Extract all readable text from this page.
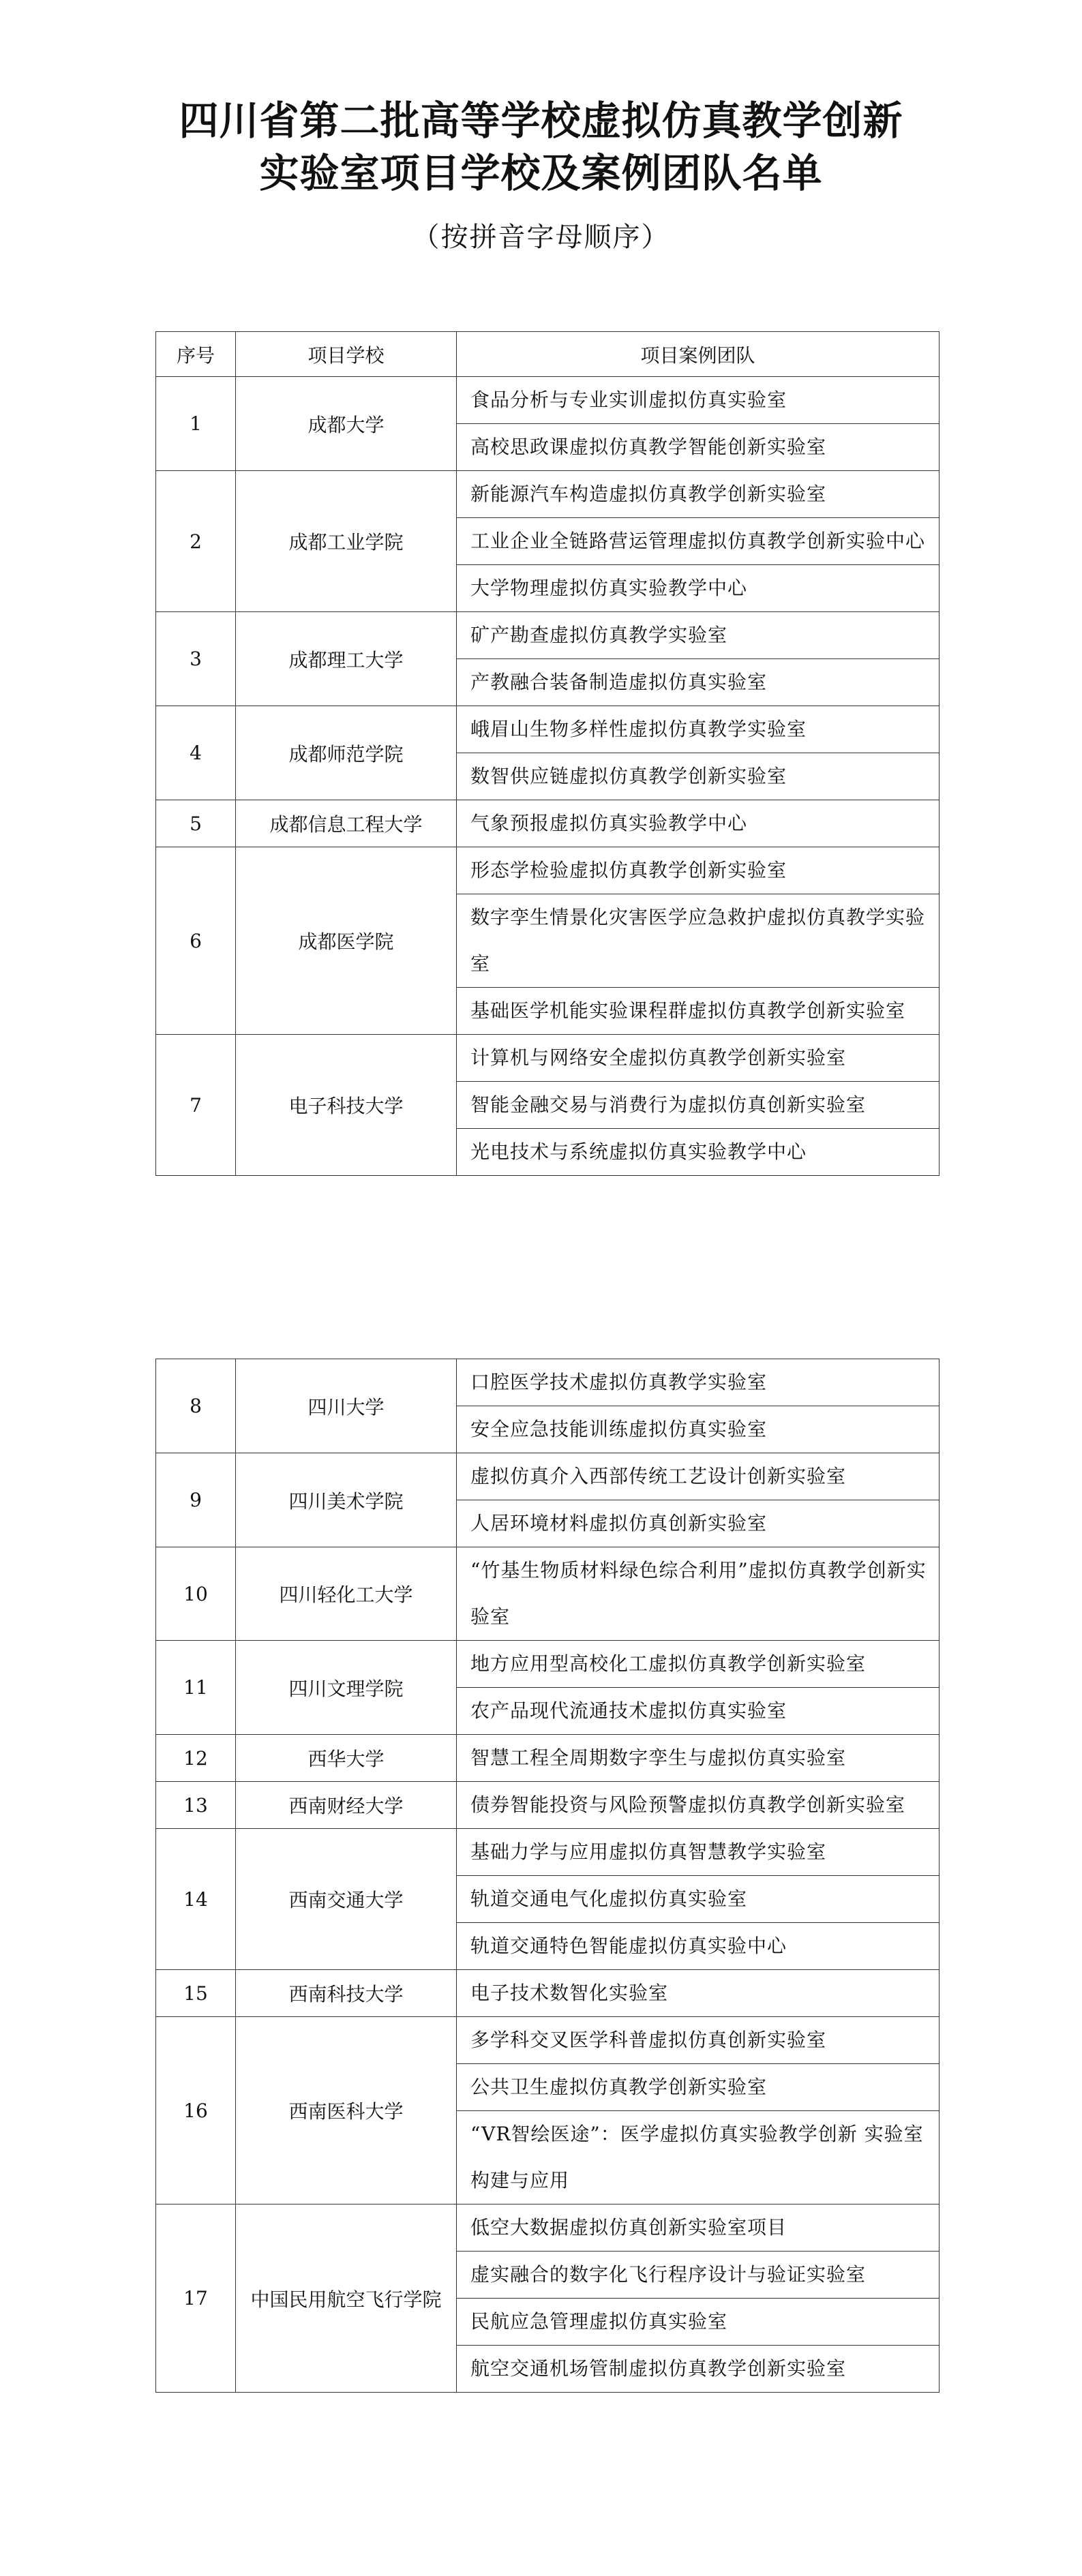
四川省第二批高等学校虚拟仿真教学创新
实验室项目学校及案例团队名单
（按拼音字母顺序）
序号	项目学校	项目案例团队
1	成都大学	食品分析与专业实训虚拟仿真实验室
		高校思政课虚拟仿真教学智能创新实验室
2	成都工业学院	新能源汽车构造虚拟仿真教学创新实验室
		工业企业全链路营运管理虚拟仿真教学创新实验中心
		大学物理虚拟仿真实验教学中心
3	成都理工大学	矿产勘查虚拟仿真教学实验室
		产教融合装备制造虚拟仿真实验室
4	成都师范学院	峨眉山生物多样性虚拟仿真教学实验室
		数智供应链虚拟仿真教学创新实验室
5	成都信息工程大学	气象预报虚拟仿真实验教学中心
6	成都医学院	形态学检验虚拟仿真教学创新实验室
		数字孪生情景化灾害医学应急救护虚拟仿真教学实验室
		基础医学机能实验课程群虚拟仿真教学创新实验室
7	电子科技大学	计算机与网络安全虚拟仿真教学创新实验室
		智能金融交易与消费行为虚拟仿真创新实验室
		光电技术与系统虚拟仿真实验教学中心
8	四川大学	口腔医学技术虚拟仿真教学实验室
		安全应急技能训练虚拟仿真实验室
9	四川美术学院	虚拟仿真介入西部传统工艺设计创新实验室
		人居环境材料虚拟仿真创新实验室
10	四川轻化工大学	“竹基生物质材料绿色综合利用”虚拟仿真教学创新实验室
11	四川文理学院	地方应用型高校化工虚拟仿真教学创新实验室
		农产品现代流通技术虚拟仿真实验室
12	西华大学	智慧工程全周期数字孪生与虚拟仿真实验室
13	西南财经大学	债券智能投资与风险预警虚拟仿真教学创新实验室
14	西南交通大学	基础力学与应用虚拟仿真智慧教学实验室
		轨道交通电气化虚拟仿真实验室
		轨道交通特色智能虚拟仿真实验中心
15	西南科技大学	电子技术数智化实验室
16	西南医科大学	多学科交叉医学科普虚拟仿真创新实验室
		公共卫生虚拟仿真教学创新实验室
		“VR智绘医途”：医学虚拟仿真实验教学创新 实验室构建与应用
17	中国民用航空飞行学院	低空大数据虚拟仿真创新实验室项目
		虚实融合的数字化飞行程序设计与验证实验室
		民航应急管理虚拟仿真实验室
		航空交通机场管制虚拟仿真教学创新实验室
